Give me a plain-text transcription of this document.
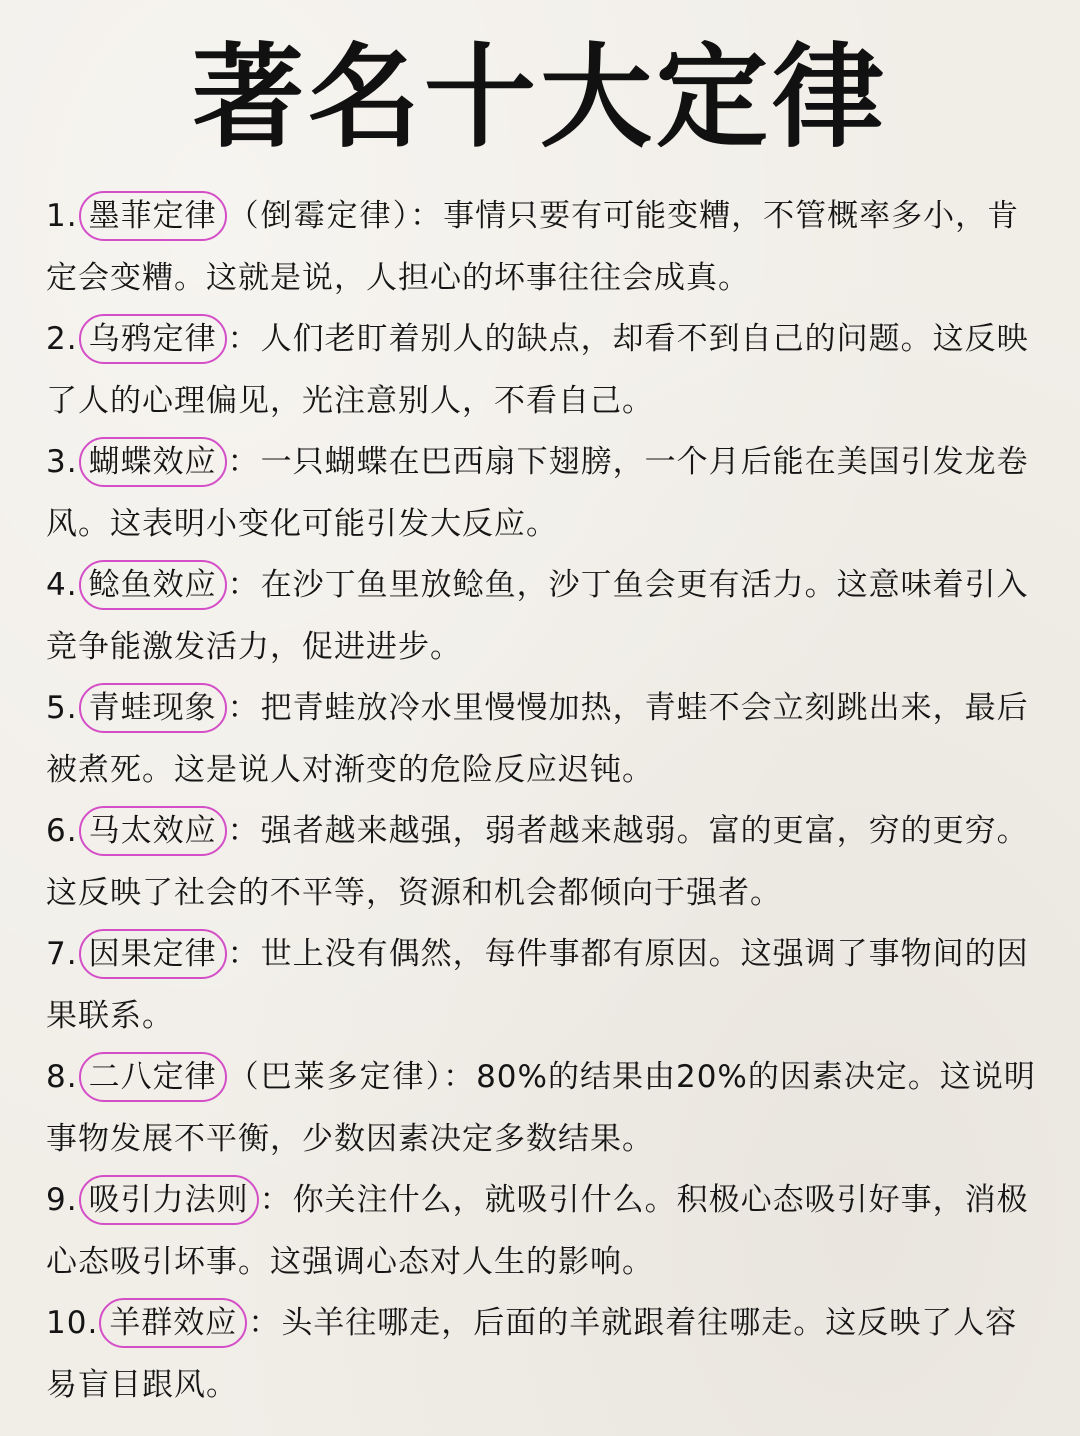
著名十大定律
1. 墨菲定律 （倒霉定律）：事情只要有可能变糟，不管概率多小，肯定会变糟。这就是说，人担心的坏事往往会成真。
2. 乌鸦定律 ：人们老盯着别人的缺点，却看不到自己的问题。这反映了人的心理偏见，光注意别人，不看自己。
3. 蝴蝶效应 ：一只蝴蝶在巴西扇下翅膀，一个月后能在美国引发龙卷风。这表明小变化可能引发大反应。
4. 鲶鱼效应 ：在沙丁鱼里放鲶鱼，沙丁鱼会更有活力。这意味着引入竞争能激发活力，促进进步。
5. 青蛙现象 ：把青蛙放冷水里慢慢加热，青蛙不会立刻跳出来，最后被煮死。这是说人对渐变的危险反应迟钝。
6. 马太效应 ：强者越来越强，弱者越来越弱。富的更富，穷的更穷。这反映了社会的不平等，资源和机会都倾向于强者。
7. 因果定律 ：世上没有偶然，每件事都有原因。这强调了事物间的因果联系。
8. 二八定律 （巴莱多定律）：80%的结果由20%的因素决定。这说明事物发展不平衡，少数因素决定多数结果。
9. 吸引力法则 ：你关注什么，就吸引什么。积极心态吸引好事，消极心态吸引坏事。这强调心态对人生的影响。
10. 羊群效应 ：头羊往哪走，后面的羊就跟着往哪走。这反映了人容易盲目跟风。
